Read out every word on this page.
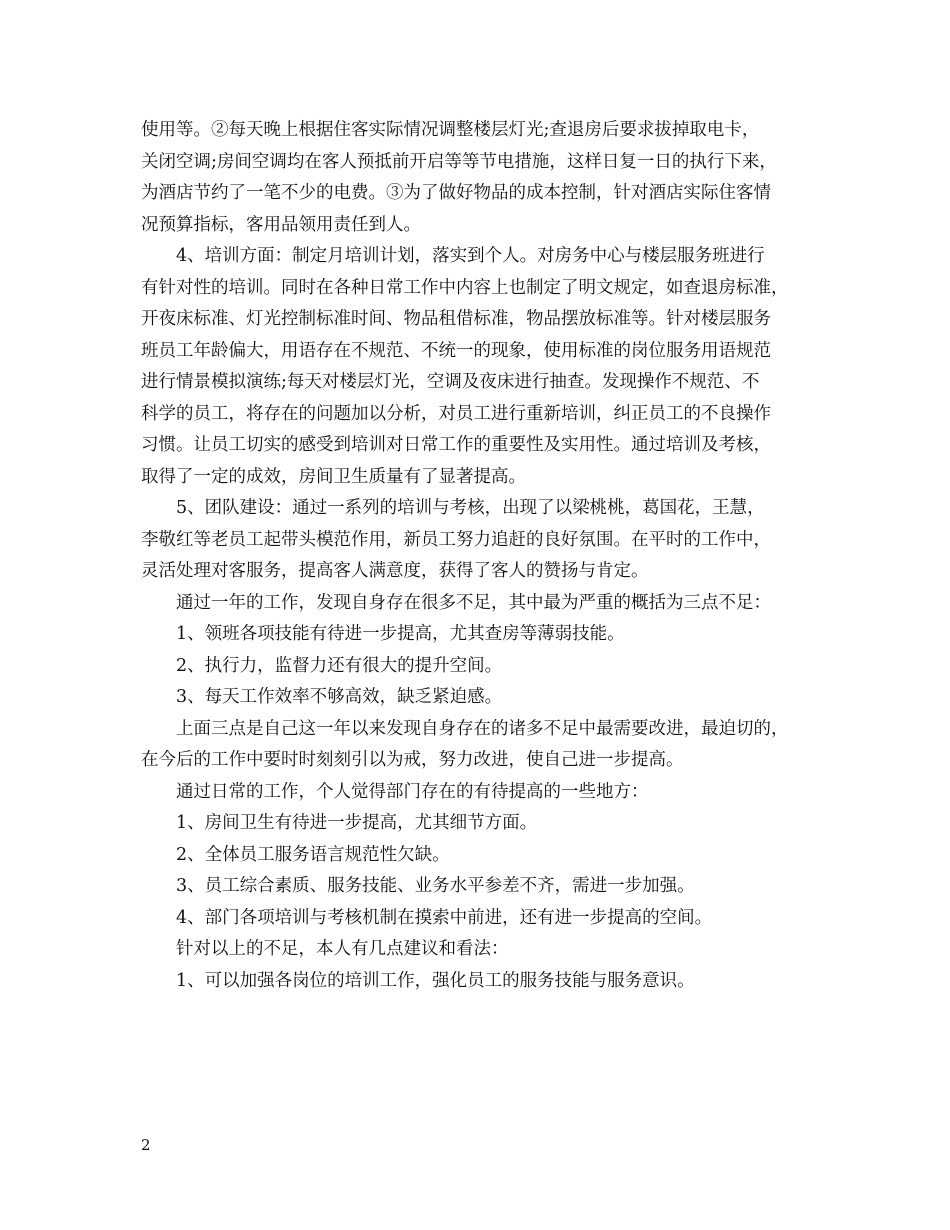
使用等。②每天晚上根据住客实际情况调整楼层灯光;查退房后要求拔掉取电卡，
关闭空调;房间空调均在客人预抵前开启等等节电措施，这样日复一日的执行下来，
为酒店节约了一笔不少的电费。③为了做好物品的成本控制，针对酒店实际住客情
况预算指标，客用品领用责任到人。
4、培训方面：制定月培训计划，落实到个人。对房务中心与楼层服务班进行
有针对性的培训。同时在各种日常工作中内容上也制定了明文规定，如查退房标准，
开夜床标准、灯光控制标准时间、物品租借标准，物品摆放标准等。针对楼层服务
班员工年龄偏大，用语存在不规范、不统一的现象，使用标准的岗位服务用语规范
进行情景模拟演练;每天对楼层灯光，空调及夜床进行抽查。发现操作不规范、不
科学的员工，将存在的问题加以分析，对员工进行重新培训，纠正员工的不良操作
习惯。让员工切实的感受到培训对日常工作的重要性及实用性。通过培训及考核，
取得了一定的成效，房间卫生质量有了显著提高。
5、团队建设：通过一系列的培训与考核，出现了以梁桃桃，葛国花，王慧，
李敬红等老员工起带头模范作用，新员工努力追赶的良好氛围。在平时的工作中，
灵活处理对客服务，提高客人满意度，获得了客人的赞扬与肯定。
通过一年的工作，发现自身存在很多不足，其中最为严重的概括为三点不足：
1、领班各项技能有待进一步提高，尤其查房等薄弱技能。
2、执行力，监督力还有很大的提升空间。
3、每天工作效率不够高效，缺乏紧迫感。
上面三点是自己这一年以来发现自身存在的诸多不足中最需要改进，最迫切的，
在今后的工作中要时时刻刻引以为戒，努力改进，使自己进一步提高。
通过日常的工作，个人觉得部门存在的有待提高的一些地方：
1、房间卫生有待进一步提高，尤其细节方面。
2、全体员工服务语言规范性欠缺。
3、员工综合素质、服务技能、业务水平参差不齐，需进一步加强。
4、部门各项培训与考核机制在摸索中前进，还有进一步提高的空间。
针对以上的不足，本人有几点建议和看法：
1、可以加强各岗位的培训工作，强化员工的服务技能与服务意识。
2
